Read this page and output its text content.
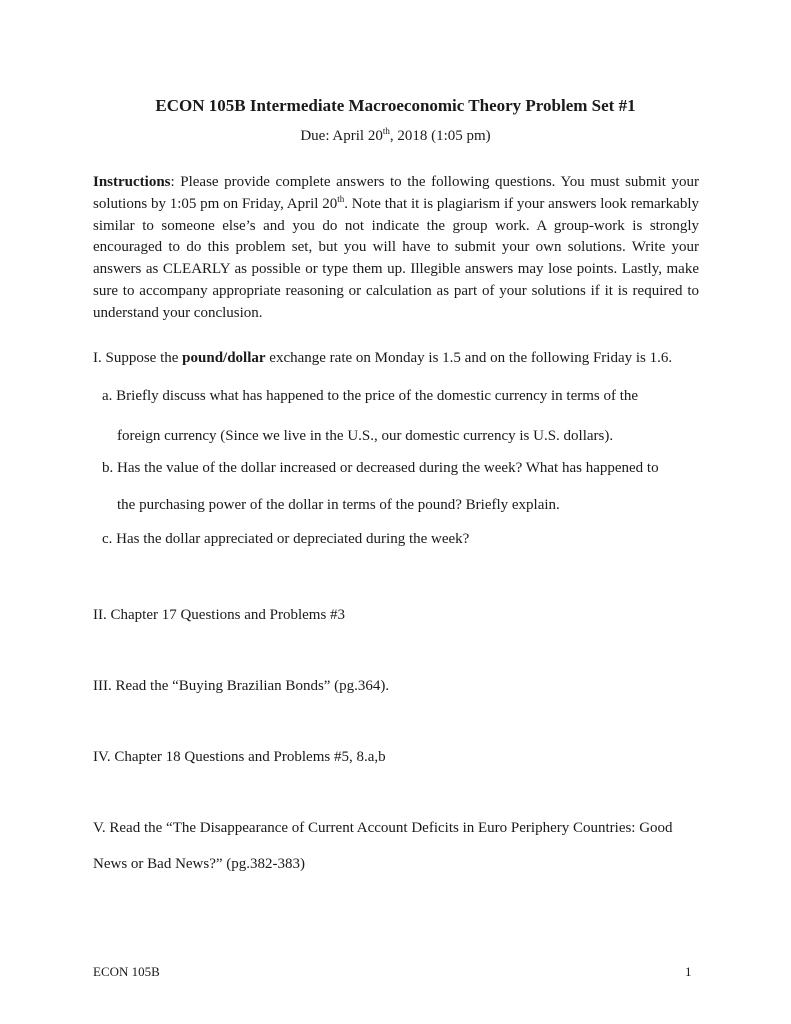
ECON 105B Intermediate Macroeconomic Theory Problem Set #1
Due: April 20th, 2018 (1:05 pm)

Instructions: Please provide complete answers to the following questions. You must submit your solutions by 1:05 pm on Friday, April 20th. Note that it is plagiarism if your answers look remarkably similar to someone else’s and you do not indicate the group work. A group-work is strongly encouraged to do this problem set, but you will have to submit your own solutions. Write your answers as CLEARLY as possible or type them up. Illegible answers may lose points. Lastly, make sure to accompany appropriate reasoning or calculation as part of your solutions if it is required to understand your conclusion.

I. Suppose the pound/dollar exchange rate on Monday is 1.5 and on the following Friday is 1.6.

a. Briefly discuss what has happened to the price of the domestic currency in terms of the

foreign currency (Since we live in the U.S., our domestic currency is U.S. dollars).

b. Has the value of the dollar increased or decreased during the week? What has happened to

the purchasing power of the dollar in terms of the pound? Briefly explain.

c. Has the dollar appreciated or depreciated during the week?

II. Chapter 17 Questions and Problems #3

III. Read the “Buying Brazilian Bonds” (pg.364).

IV. Chapter 18 Questions and Problems #5, 8.a,b

V. Read the “The Disappearance of Current Account Deficits in Euro Periphery Countries: Good

News or Bad News?” (pg.382-383)

ECON 105B	1
